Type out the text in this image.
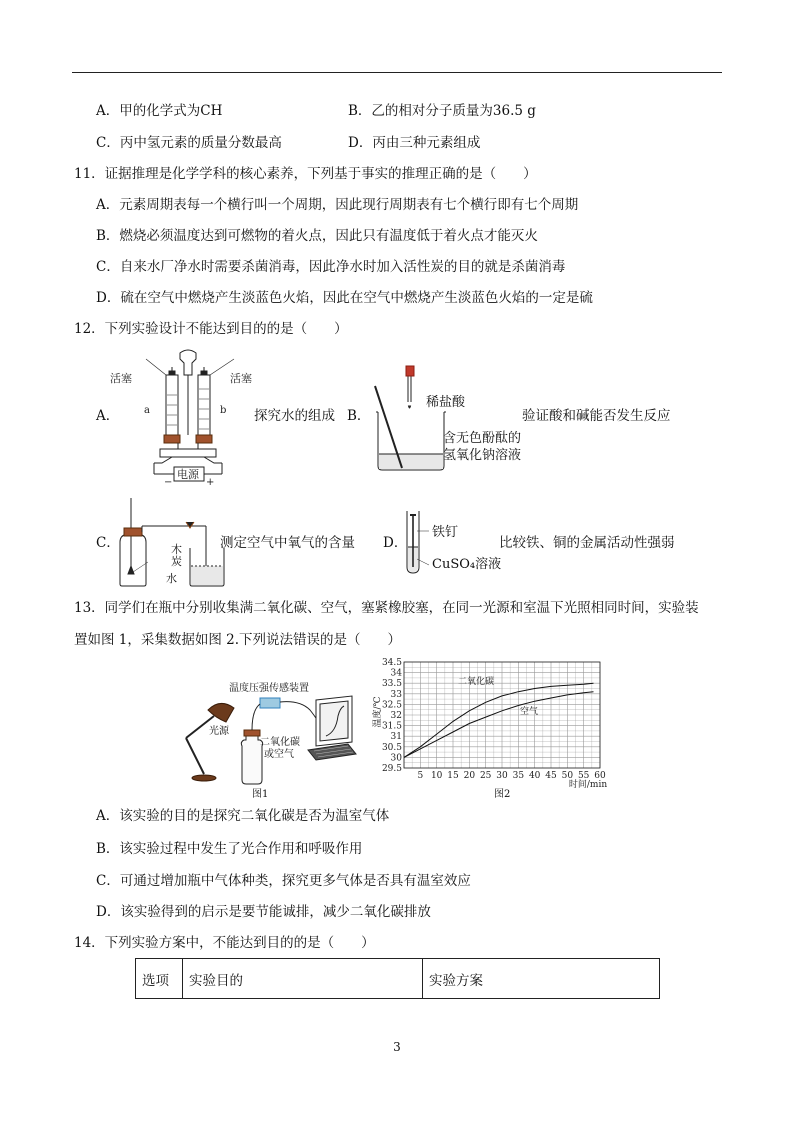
A．甲的化学式为CH	B．乙的相对分子质量为36.5 g
C．丙中氢元素的质量分数最高	D．丙由三种元素组成
11．证据推理是化学学科的核心素养，下列基于事实的推理正确的是（　　）
A．元素周期表每一个横行叫一个周期，因此现行周期表有七个横行即有七个周期
B．燃烧必须温度达到可燃物的着火点，因此只有温度低于着火点才能灭火
C．自来水厂净水时需要杀菌消毒，因此净水时加入活性炭的目的就是杀菌消毒
D．硫在空气中燃烧产生淡蓝色火焰，因此在空气中燃烧产生淡蓝色火焰的一定是硫
12．下列实验设计不能达到目的的是（　　）
A．
活塞	活塞
a	b
电源
−	+
探究水的组成 B．
稀盐酸
含无色酚酞的
氢氧化钠溶液
验证酸和碱能否发生反应
C．	木
炭
水
测定空气中氧气的含量 D．
铁钉
CuSO₄溶液
比较铁、铜的金属活动性强弱
13．同学们在瓶中分别收集满二氧化碳、空气，塞紧橡胶塞，在同一光源和室温下光照相同时间，实验装
置如图 1，采集数据如图 2.下列说法错误的是（　　）
温度压强传感装置
光源
二氧化碳
或空气
图1
29.5
30
30.5
31
31.5
32
32.5
33
33.5
34
34.5
5 10 15 20 25 30 35 40 45 50 55 60
温度/℃
时间/min
二氧化碳
空气
图2
A．该实验的目的是探究二氧化碳是否为温室气体
B．该实验过程中发生了光合作用和呼吸作用
C．可通过增加瓶中气体种类，探究更多气体是否具有温室效应
D．该实验得到的启示是要节能诚排，减少二氧化碳排放
14．下列实验方案中，不能达到目的的是（　　）
选项	实验目的	实验方案
3
